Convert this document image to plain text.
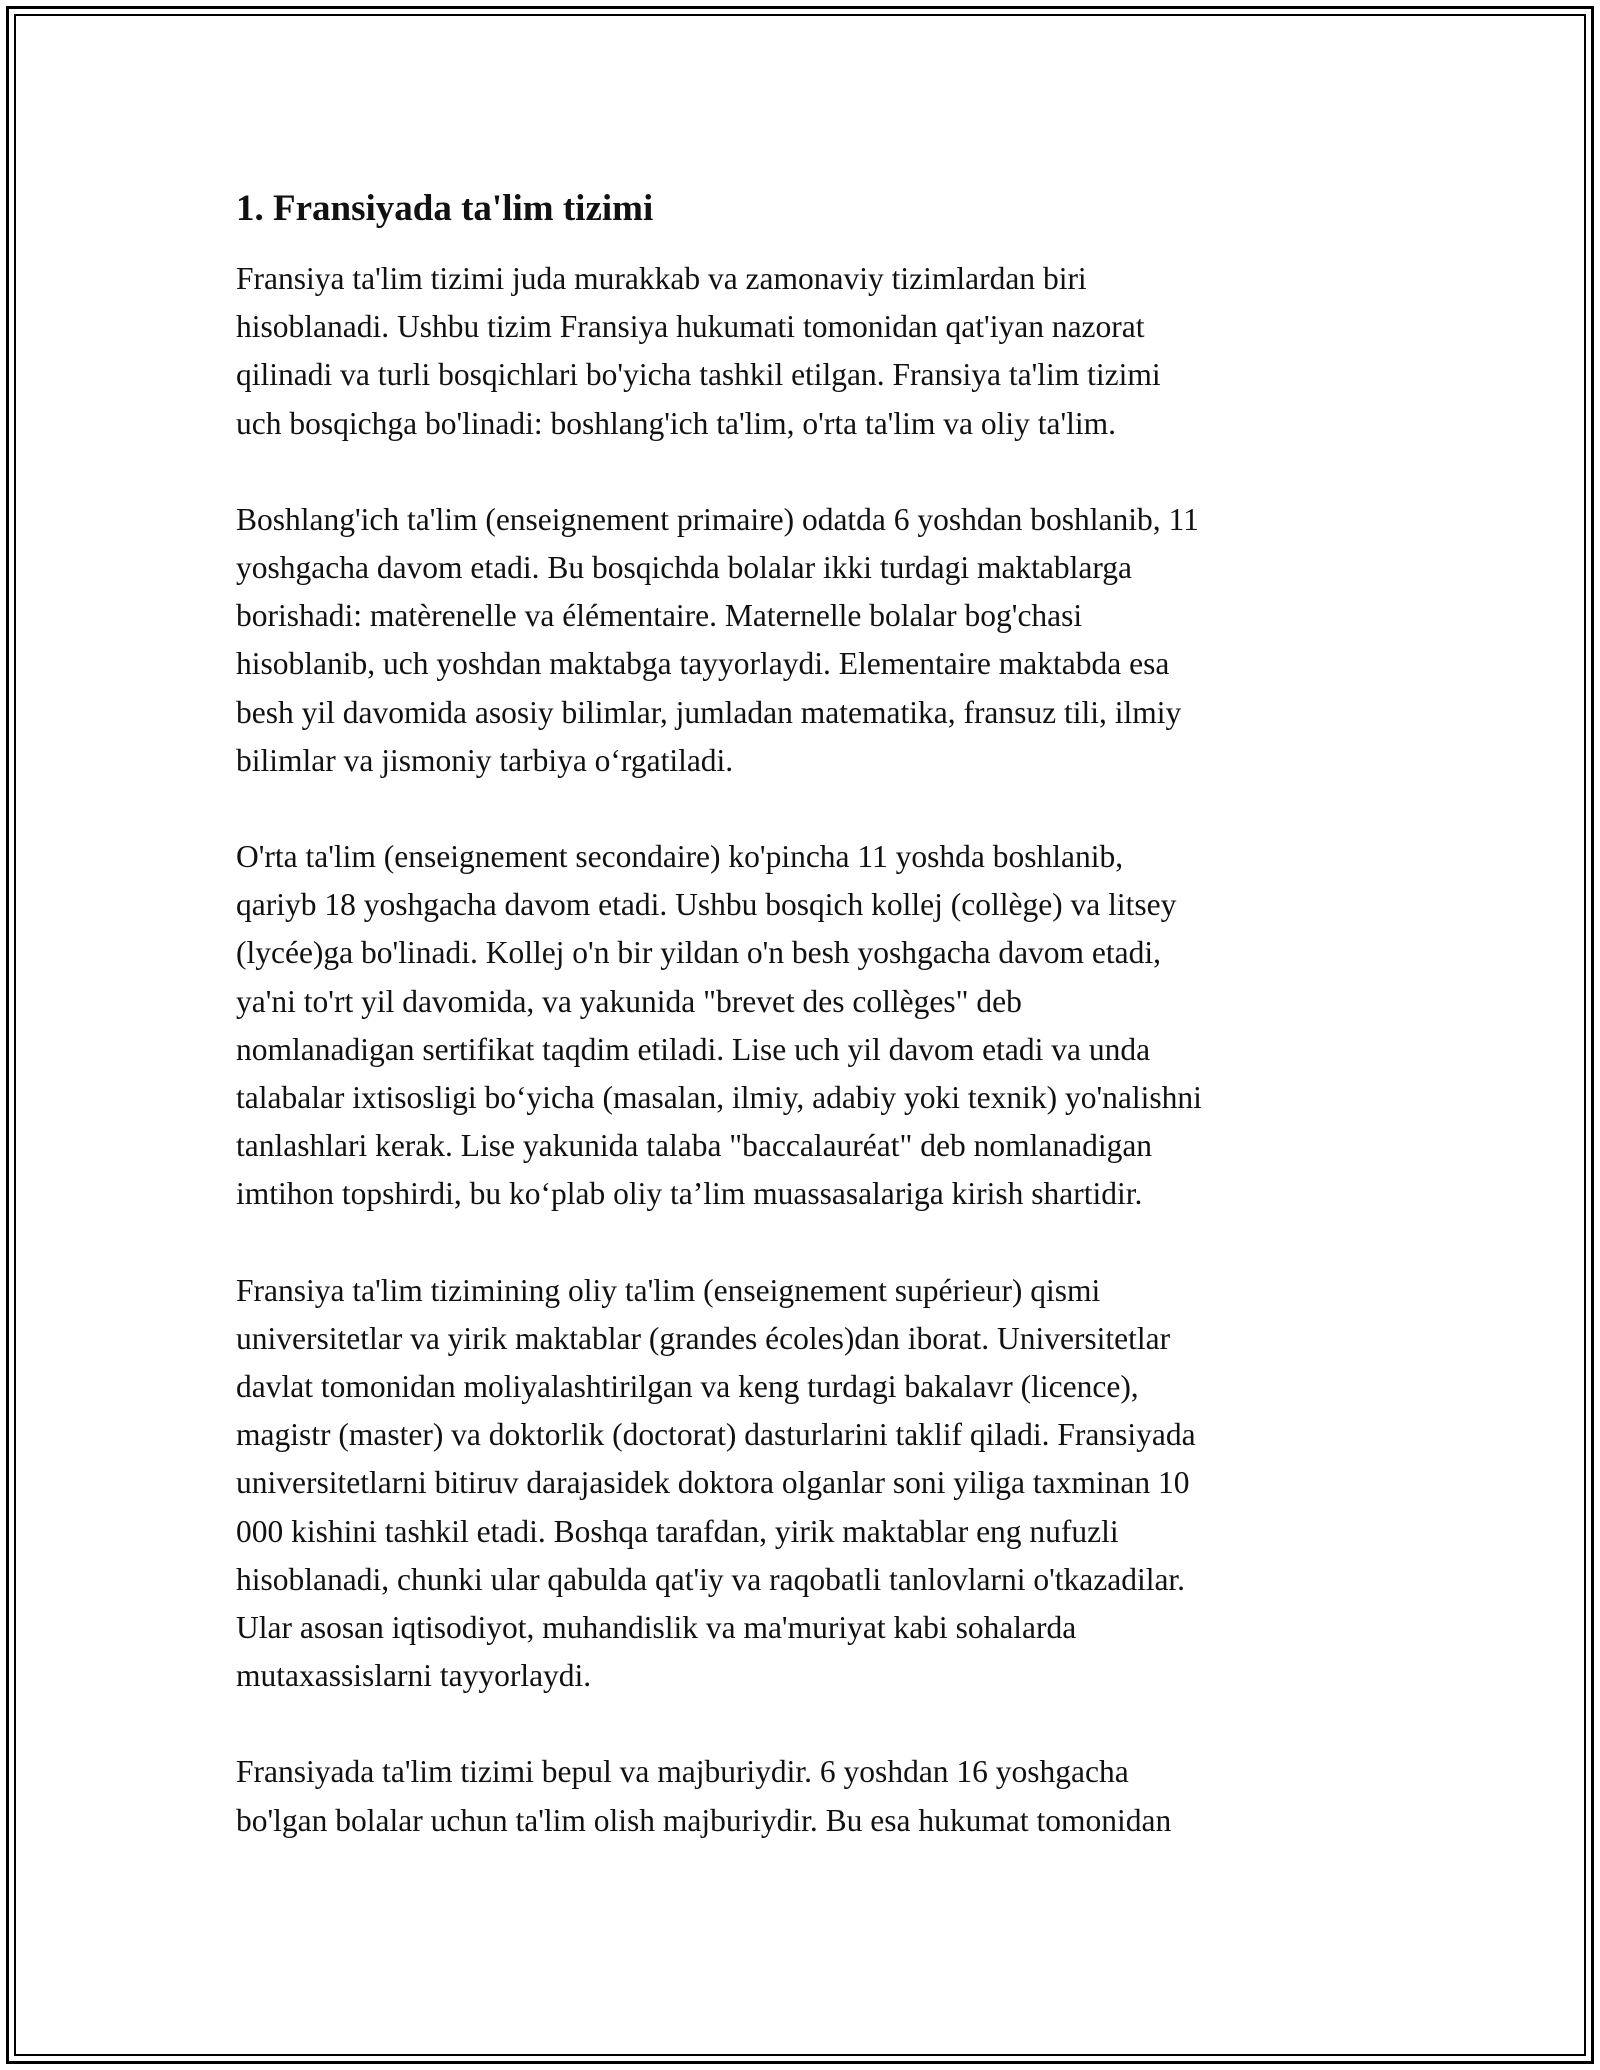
1. Fransiyada ta'lim tizimi

Fransiya ta'lim tizimi juda murakkab va zamonaviy tizimlardan biri
hisoblanadi. Ushbu tizim Fransiya hukumati tomonidan qat'iyan nazorat
qilinadi va turli bosqichlari bo'yicha tashkil etilgan. Fransiya ta'lim tizimi
uch bosqichga bo'linadi: boshlang'ich ta'lim, o'rta ta'lim va oliy ta'lim.

Boshlang'ich ta'lim (enseignement primaire) odatda 6 yoshdan boshlanib, 11
yoshgacha davom etadi. Bu bosqichda bolalar ikki turdagi maktablarga
borishadi: matèrenelle va élémentaire. Maternelle bolalar bog'chasi
hisoblanib, uch yoshdan maktabga tayyorlaydi. Elementaire maktabda esa
besh yil davomida asosiy bilimlar, jumladan matematika, fransuz tili, ilmiy
bilimlar va jismoniy tarbiya o‘rgatiladi.

O'rta ta'lim (enseignement secondaire) ko'pincha 11 yoshda boshlanib,
qariyb 18 yoshgacha davom etadi. Ushbu bosqich kollej (collège) va litsey
(lycée)ga bo'linadi. Kollej o'n bir yildan o'n besh yoshgacha davom etadi,
ya'ni to'rt yil davomida, va yakunida "brevet des collèges" deb
nomlanadigan sertifikat taqdim etiladi. Lise uch yil davom etadi va unda
talabalar ixtisosligi bo‘yicha (masalan, ilmiy, adabiy yoki texnik) yo'nalishni
tanlashlari kerak. Lise yakunida talaba "baccalauréat" deb nomlanadigan
imtihon topshirdi, bu ko‘plab oliy ta’lim muassasalariga kirish shartidir.

Fransiya ta'lim tizimining oliy ta'lim (enseignement supérieur) qismi
universitetlar va yirik maktablar (grandes écoles)dan iborat. Universitetlar
davlat tomonidan moliyalashtirilgan va keng turdagi bakalavr (licence),
magistr (master) va doktorlik (doctorat) dasturlarini taklif qiladi. Fransiyada
universitetlarni bitiruv darajasidek doktora olganlar soni yiliga taxminan 10
000 kishini tashkil etadi. Boshqa tarafdan, yirik maktablar eng nufuzli
hisoblanadi, chunki ular qabulda qat'iy va raqobatli tanlovlarni o'tkazadilar.
Ular asosan iqtisodiyot, muhandislik va ma'muriyat kabi sohalarda
mutaxassislarni tayyorlaydi.

Fransiyada ta'lim tizimi bepul va majburiydir. 6 yoshdan 16 yoshgacha
bo'lgan bolalar uchun ta'lim olish majburiydir. Bu esa hukumat tomonidan
